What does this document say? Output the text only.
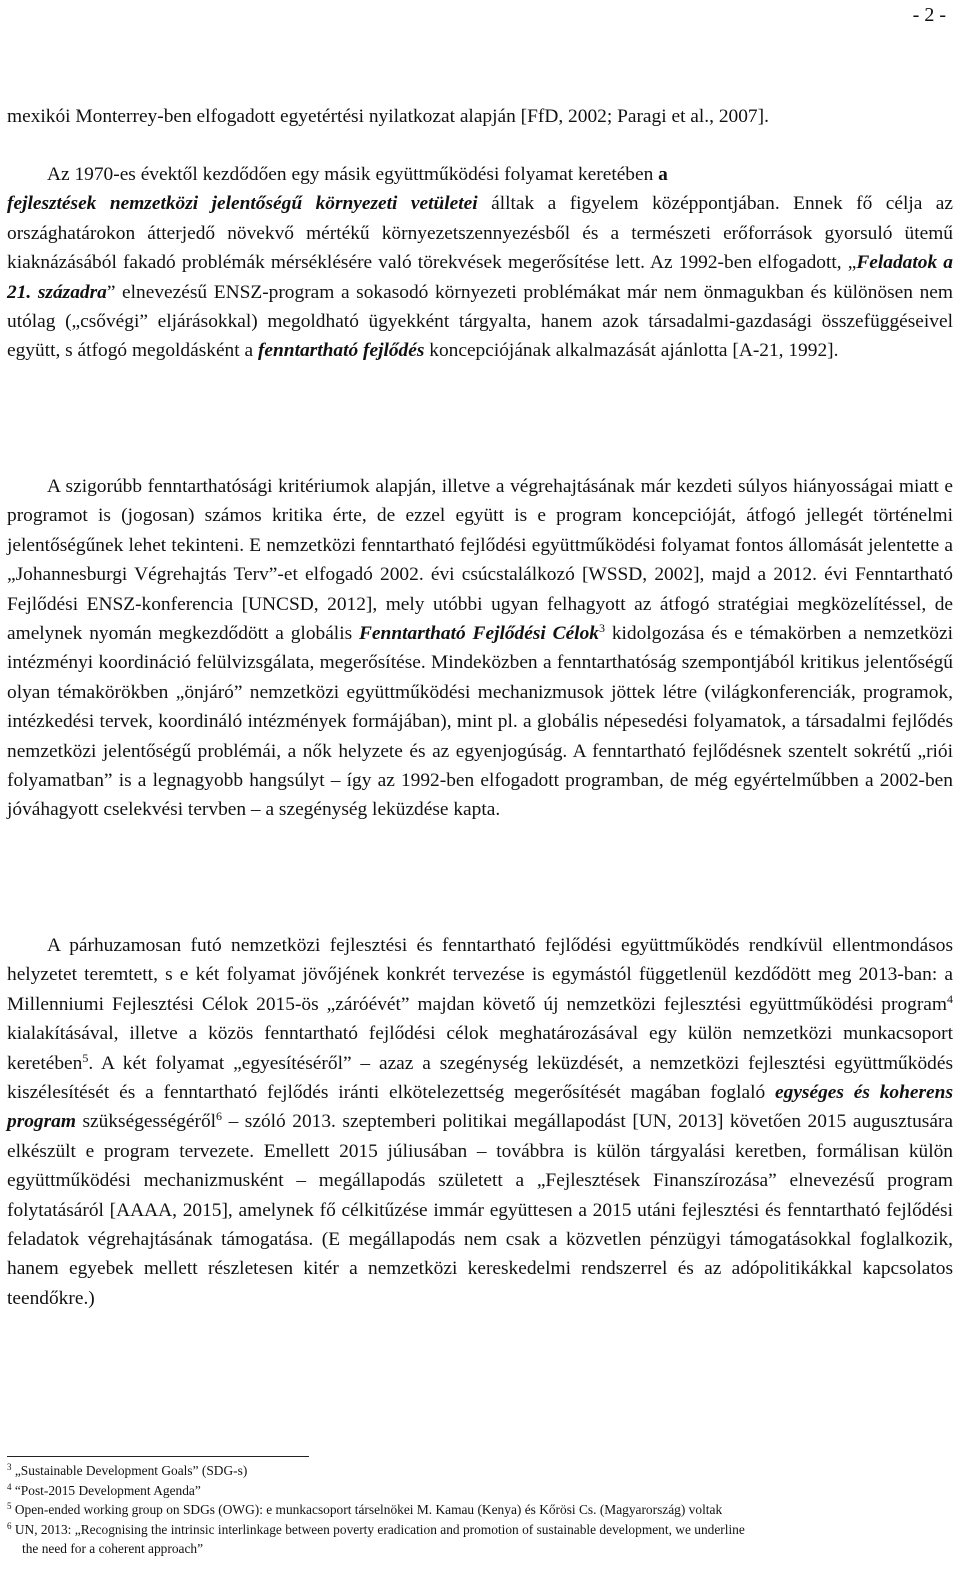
- 2 -

mexikói Monterrey-ben elfogadott egyetértési nyilatkozat alapján [FfD, 2002; Paragi et al., 2007].

Az 1970-es évektől kezdődően egy másik együttműködési folyamat keretében a
fejlesztések nemzetközi jelentőségű környezeti vetületei álltak a figyelem középpontjában. Ennek fő célja az országhatárokon átterjedő növekvő mértékű környezetszennyezésből és a természeti erőforrások gyorsuló ütemű kiaknázásából fakadó problémák mérséklésére való törekvések megerősítése lett. Az 1992-ben elfogadott, „Feladatok a 21. századra” elnevezésű ENSZ-program a sokasodó környezeti problémákat már nem önmagukban és különösen nem utólag („csővégi” eljárásokkal) megoldható ügyekként tárgyalta, hanem azok társadalmi-gazdasági összefüggéseivel együtt, s átfogó megoldásként a fenntartható fejlődés koncepciójának alkalmazását ajánlotta [A-21, 1992].

A szigorúbb fenntarthatósági kritériumok alapján, illetve a végrehajtásának már kezdeti súlyos hiányosságai miatt e programot is (jogosan) számos kritika érte, de ezzel együtt is e program koncepcióját, átfogó jellegét történelmi jelentőségűnek lehet tekinteni. E nemzetközi fenntartható fejlődési együttműködési folyamat fontos állomását jelentette a „Johannesburgi Végrehajtás Terv”-et elfogadó 2002. évi csúcstalálkozó [WSSD, 2002], majd a 2012. évi Fenntartható Fejlődési ENSZ-konferencia [UNCSD, 2012], mely utóbbi ugyan felhagyott az átfogó stratégiai megközelítéssel, de amelynek nyomán megkezdődött a globális Fenntartható Fejlődési Célok$^3$ kidolgozása és e témakörben a nemzetközi intézményi koordináció felülvizsgálata, megerősítése. Mindeközben a fenntarthatóság szempontjából kritikus jelentőségű olyan témakörökben „önjáró” nemzetközi együttműködési mechanizmusok jöttek létre (világkonferenciák, programok, intézkedési tervek, koordináló intézmények formájában), mint pl. a globális népesedési folyamatok, a társadalmi fejlődés nemzetközi jelentőségű problémái, a nők helyzete és az egyenjogúság. A fenntartható fejlődésnek szentelt sokrétű „riói folyamatban” is a legnagyobb hangsúlyt – így az 1992-ben elfogadott programban, de még egyértelműbben a 2002-ben jóváhagyott cselekvési tervben – a szegénység leküzdése kapta.

A párhuzamosan futó nemzetközi fejlesztési és fenntartható fejlődési együttműködés rendkívül ellentmondásos helyzetet teremtett, s e két folyamat jövőjének konkrét tervezése is egymástól függetlenül kezdődött meg 2013-ban: a Millenniumi Fejlesztési Célok 2015-ös „záróévét” majdan követő új nemzetközi fejlesztési együttműködési program$^4$ kialakításával, illetve a közös fenntartható fejlődési célok meghatározásával egy külön nemzetközi munkacsoport keretében$^5$. A két folyamat „egyesítéséről” – azaz a szegénység leküzdését, a nemzetközi fejlesztési együttműködés kiszélesítését és a fenntartható fejlődés iránti elkötelezettség megerősítését magában foglaló egységes és koherens program szükségességéről$^6$ – szóló 2013. szeptemberi politikai megállapodást [UN, 2013] követően 2015 augusztusára elkészült e program tervezete. Emellett 2015 júliusában – továbbra is külön tárgyalási keretben, formálisan külön együttműködési mechanizmusként – megállapodás született a „Fejlesztések Finanszírozása” elnevezésű program folytatásáról [AAAA, 2015], amelynek fő célkitűzése immár együttesen a 2015 utáni fejlesztési és fenntartható fejlődési feladatok végrehajtásának támogatása. (E megállapodás nem csak a közvetlen pénzügyi támogatásokkal foglalkozik, hanem egyebek mellett részletesen kitér a nemzetközi kereskedelmi rendszerrel és az adópolitikákkal kapcsolatos teendőkre.)

$^3$ „Sustainable Development Goals” (SDG-s)

$^4$ “Post-2015 Development Agenda”

$^5$ Open-ended working group on SDGs (OWG): e munkacsoport társelnökei M. Kamau (Kenya) és Kőrösi Cs. (Magyarország) voltak

$^6$ UN, 2013: „Recognising the intrinsic interlinkage between poverty eradication and promotion of sustainable development, we underline

the need for a coherent approach”
